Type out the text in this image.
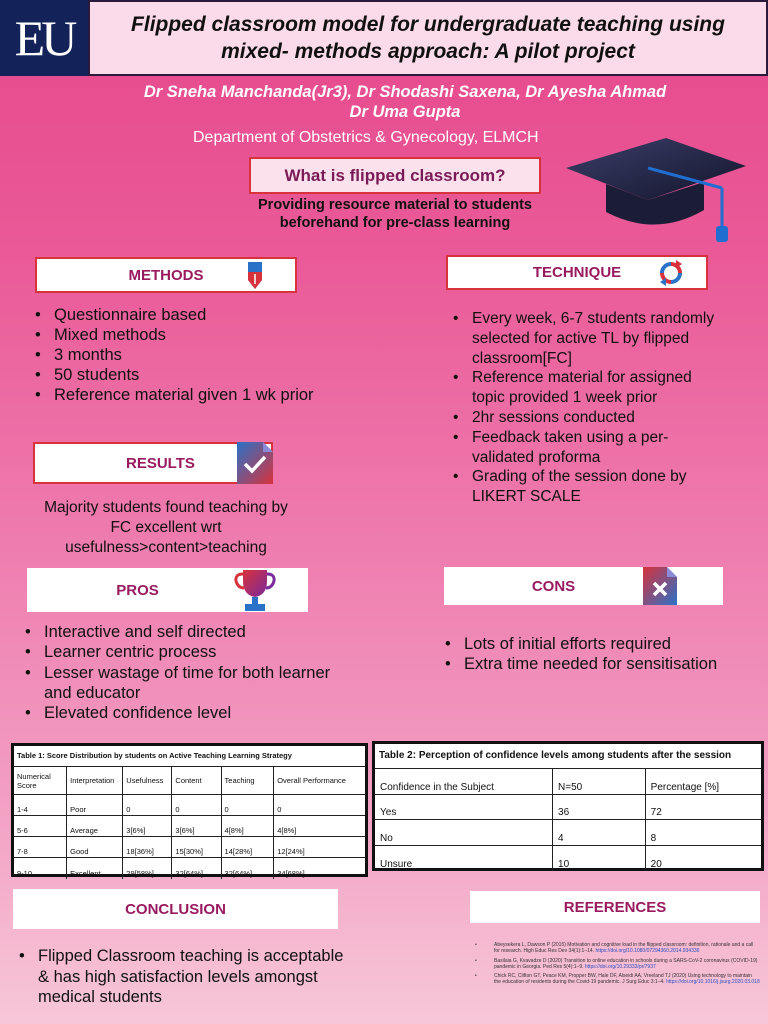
EU	Flipped classroom model for undergraduate teaching using mixed- methods approach: A pilot project
Dr Sneha Manchanda(Jr3), Dr Shodashi Saxena, Dr Ayesha Ahmad
Dr Uma Gupta
Department of Obstetrics & Gynecology, ELMCH
What is flipped classroom?
Providing resource material to students beforehand for pre-class learning
METHODS
• Questionnaire based
• Mixed methods
• 3 months
• 50 students
• Reference material given 1 wk prior
TECHNIQUE
• Every week, 6-7 students randomly selected for active TL by flipped classroom[FC]
• Reference material for assigned topic provided 1 week prior
• 2hr sessions conducted
• Feedback taken using a per-validated proforma
• Grading of the session done by LIKERT SCALE
RESULTS
Majority students found teaching by FC excellent wrt usefulness>content>teaching
PROS
• Interactive and self directed
• Learner centric process
• Lesser wastage of time for both learner and educator
• Elevated confidence level
CONS
• Lots of initial efforts required
• Extra time needed for sensitisation
Table 1: Score Distribution by students on Active Teaching Learning Strategy
Numerical Score	Interpretation	Usefulness	Content	Teaching	Overall Performance
1-4	Poor	0	0	0	0
5-6	Average	3[6%]	3[6%]	4[8%]	4[8%]
7-8	Good	18[36%]	15[30%]	14[28%]	12[24%]
9-10	Excellent	29[58%]	32[64%]	32[64%]	34[68%]
Table 2: Perception of confidence levels among students after the session
Confidence in the Subject	N=50	Percentage [%]
Yes	36	72
No	4	8
Unsure	10	20
CONCLUSION
• Flipped Classroom teaching is acceptable & has high satisfaction levels amongst medical students
REFERENCES
• Abeysekera L, Dawson P (2015) Motivation and cognitive load in the flipped classroom: definition, rationale and a call for research. High Educ Res Dev 34(1):1–14. https://doi.org/10.1080/07294360.2014.934336
• Basilaia G, Kvavadze D (2020) Transition to online education in schools during a SARS-CoV-2 coronavirus (COVID-19) pandemic in Georgia. Ped Res 5(4):1–9. https://doi.org/10.29333/pr/7937
• Chick RC, Clifton GT, Peace KM, Propper BW, Hale DF, Alseidi AA, Vreeland TJ (2020) Using technology to maintain the education of residents during the Covid-19 pandemic. J Surg Educ 3:1–4. https://doi.org/10.1016/j.jsurg.2020.03.018
